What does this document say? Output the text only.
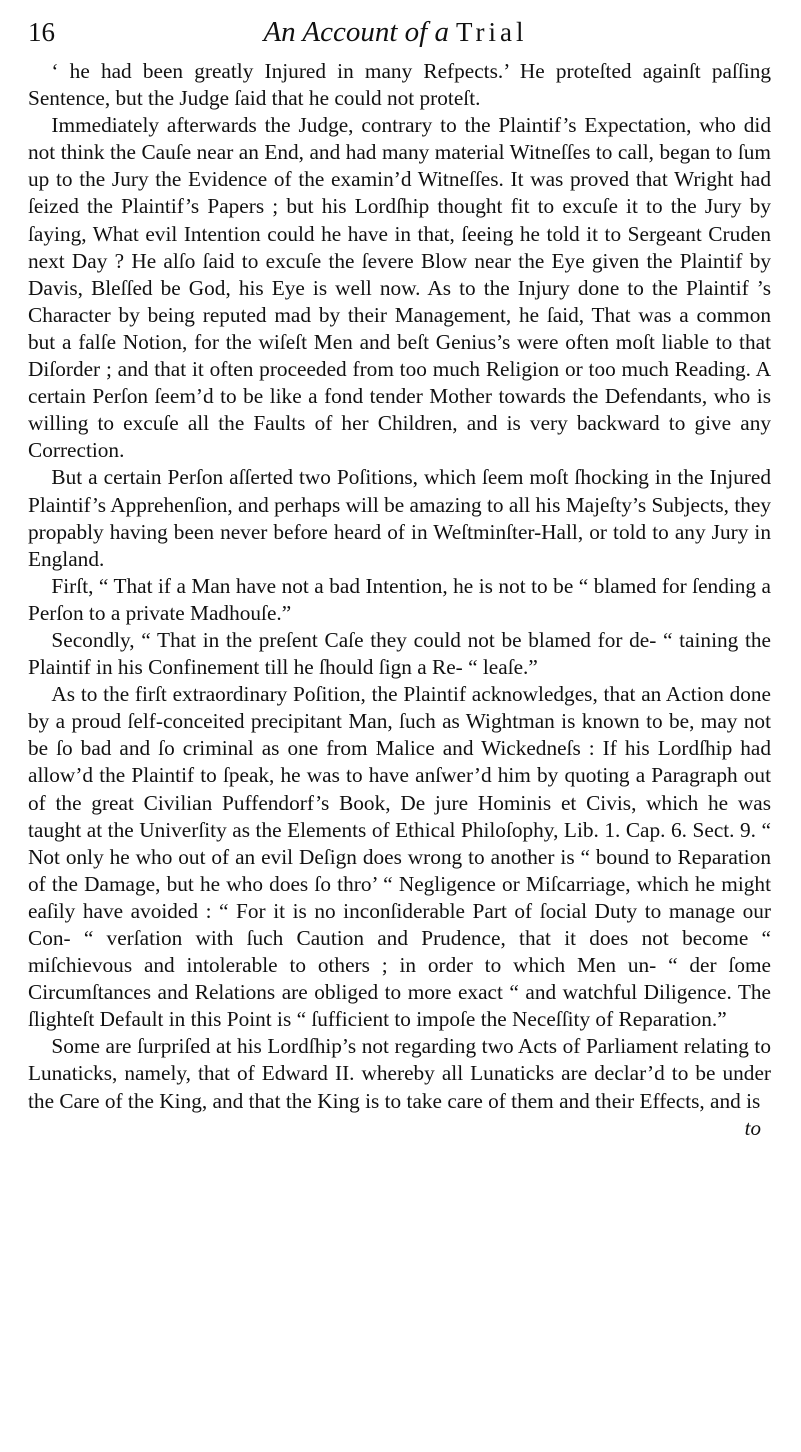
16	An Account of a Trial

‘ he had been greatly Injured in many Refpects.’ He proteſted againſt paſſing Sentence, but the Judge ſaid that he could not proteſt.

Immediately afterwards the Judge, contrary to the Plaintif’s Expectation, who did not think the Cauſe near an End, and had many material Witneſſes to call, began to ſum up to the Jury the Evidence of the examin’d Witneſſes. It was proved that Wright had ſeized the Plaintif’s Papers ; but his Lordſhip thought fit to excuſe it to the Jury by ſaying, What evil Intention could he have in that, ſeeing he told it to Sergeant Cruden next Day ? He alſo ſaid to excuſe the ſevere Blow near the Eye given the Plaintif by Davis, Bleſſed be God, his Eye is well now. As to the Injury done to the Plaintif ’s Character by being reputed mad by their Management, he ſaid, That was a common but a falſe Notion, for the wiſeſt Men and beſt Genius’s were often moſt liable to that Diſorder ; and that it often proceeded from too much Religion or too much Reading. A certain Perſon ſeem’d to be like a fond tender Mother towards the Defendants, who is willing to excuſe all the Faults of her Children, and is very backward to give any Correction.

But a certain Perſon aſſerted two Poſitions, which ſeem moſt ſhocking in the Injured Plaintif’s Apprehenſion, and perhaps will be amazing to all his Majeſty’s Subjects, they propably having been never before heard of in Weſtminſter-Hall, or told to any Jury in England.

Firſt, “ That if a Man have not a bad Intention, he is not to be “ blamed for ſending a Perſon to a private Madhouſe.”

Secondly, “ That in the preſent Caſe they could not be blamed for de- “ taining the Plaintif in his Confinement till he ſhould ſign a Re- “ leaſe.”

As to the firſt extraordinary Poſition, the Plaintif acknowledges, that an Action done by a proud ſelf-conceited precipitant Man, ſuch as Wightman is known to be, may not be ſo bad and ſo criminal as one from Malice and Wickedneſs : If his Lordſhip had allow’d the Plaintif to ſpeak, he was to have anſwer’d him by quoting a Paragraph out of the great Civilian Puffendorf’s Book, De jure Hominis et Civis, which he was taught at the Univerſity as the Elements of Ethical Philoſophy, Lib. 1. Cap. 6. Sect. 9. “ Not only he who out of an evil Deſign does wrong to another is “ bound to Reparation of the Damage, but he who does ſo thro’ “ Negligence or Miſcarriage, which he might eaſily have avoided : “ For it is no inconſiderable Part of ſocial Duty to manage our Con- “ verſation with ſuch Caution and Prudence, that it does not become “ miſchievous and intolerable to others ; in order to which Men un- “ der ſome Circumſtances and Relations are obliged to more exact “ and watchful Diligence. The ſlighteſt Default in this Point is “ ſufficient to impoſe the Neceſſity of Reparation.”

Some are ſurpriſed at his Lordſhip’s not regarding two Acts of Parliament relating to Lunaticks, namely, that of Edward II. whereby all Lunaticks are declar’d to be under the Care of the King, and that the King is to take care of them and their Effects, and is

to
